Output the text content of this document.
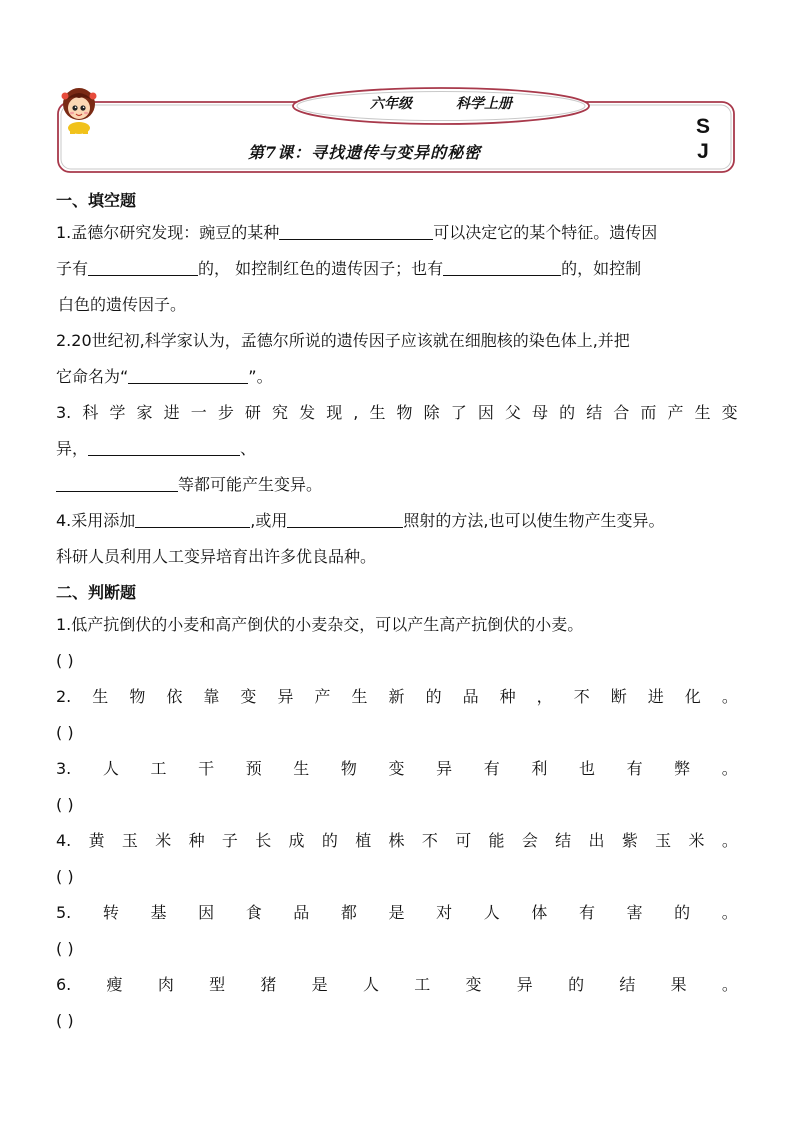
六年级	科学上册
第7课：寻找遗传与变异的秘密
S
J
一、填空题
1.孟德尔研究发现：豌豆的某种	可以决定它的某个特征。遗传因
子有	的， 如控制红色的遗传因子；也有	的，如控制
白色的遗传因子。
2.20世纪初,科学家认为，孟德尔所说的遗传因子应该就在细胞核的染色体上,并把
它命名为“	”。
3. 科 学 家 进 一 步 研 究 发 现 , 生 物 除 了 因 父 母 的 结 合 而 产 生 变
异，	、
等都可能产生变异。
4.采用添加	,或用	照射的方法,也可以使生物产生变异。
科研人员利用人工变异培育出许多优良品种。
二、判断题
1.低产抗倒伏的小麦和高产倒伏的小麦杂交，可以产生高产抗倒伏的小麦。
( )
2. 生 物 依 靠 变 异 产 生 新 的 品 种 ， 不 断 进 化 。
( )
3. 人 工 干 预 生 物 变 异 有 利 也 有 弊 。
( )
4. 黄 玉 米 种 子 长 成 的 植 株 不 可 能 会 结 出 紫 玉 米 。
( )
5. 转 基 因 食 品 都 是 对 人 体 有 害 的 。
( )
6. 瘦 肉 型 猪 是 人 工 变 异 的 结 果 。
( )
